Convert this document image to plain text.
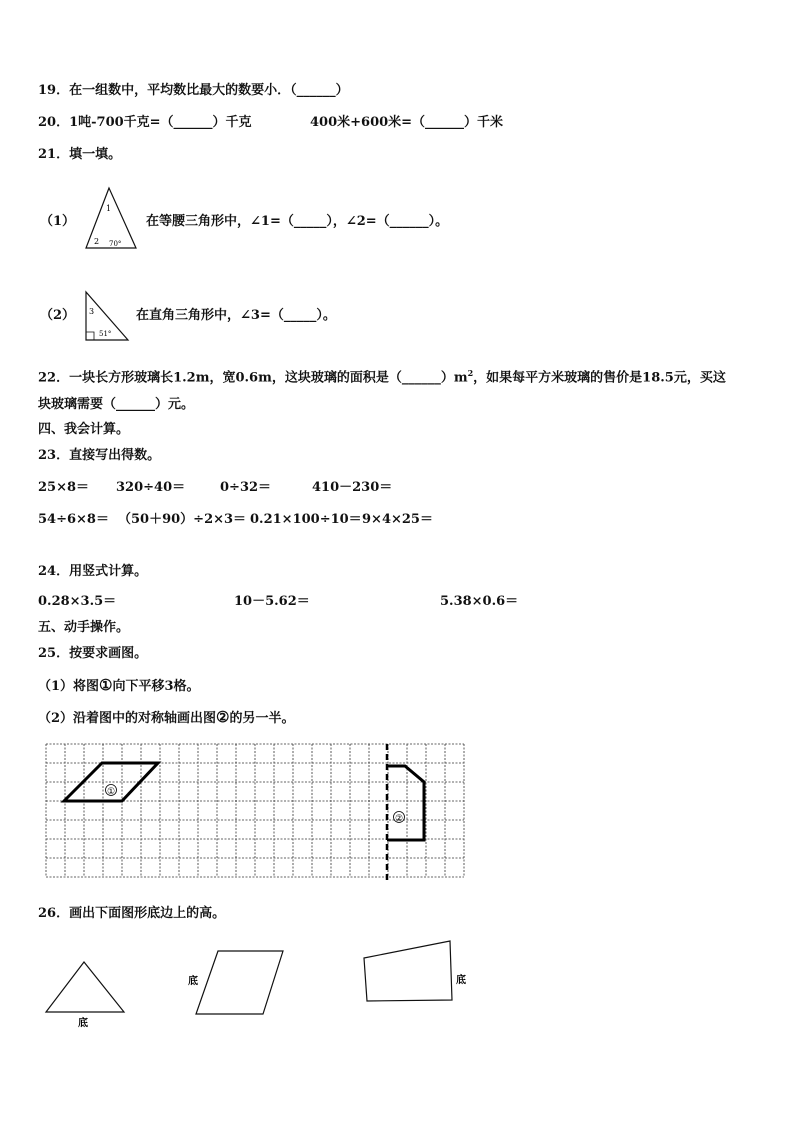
19．在一组数中，平均数比最大的数要小．（______）
20．1吨-700千克=（______）千克	400米+600米=（______）千米
21．填一填。
（1）
1
2 70°
在等腰三角形中，∠1=（_____），∠2=（______）。
（2） 3
51°
在直角三角形中，∠3=（_____）。
22．一块长方形玻璃长1.2m，宽0.6m，这块玻璃的面积是$(\_\_\_\_\_\_)m^2$，如果每平方米玻璃的售价是18.5元，买这
块玻璃需要（______）元。
四、我会计算。
23．直接写出得数。
25×8＝ 320÷40＝	0÷32＝	410－230＝
54÷6×8＝ （50＋90）÷2×3＝ 0.21×100÷10＝ 9×4×25＝
24．用竖式计算。
0.28×3.5＝	10－5.62＝	5.38×0.6＝
五、动手操作。
25．按要求画图。
（1）将图①向下平移3格。
（2）沿着图中的对称轴画出图②的另一半。
①
②
26．画出下面图形底边上的高。
底
底	底
